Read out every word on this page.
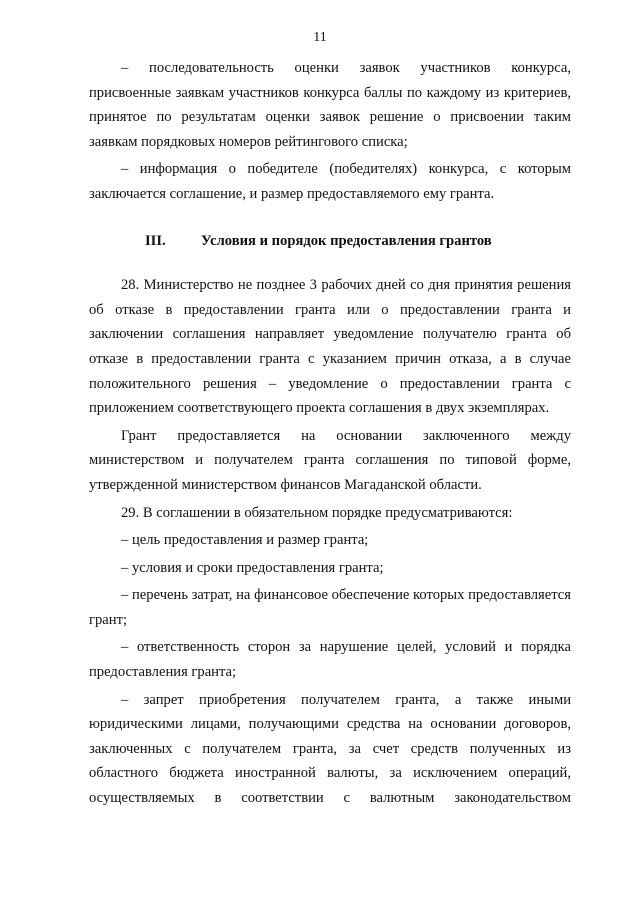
11

– последовательность оценки заявок участников конкурса, присвоенные заявкам участников конкурса баллы по каждому из критериев, принятое по результатам оценки заявок решение о присвоении таким заявкам порядковых номеров рейтингового списка;

– информация о победителе (победителях) конкурса, с которым заключается соглашение, и размер предоставляемого ему гранта.

III.	Условия и порядок предоставления грантов

28. Министерство не позднее 3 рабочих дней со дня принятия решения об отказе в предоставлении гранта или о предоставлении гранта и заключении соглашения направляет уведомление получателю гранта об отказе в предоставлении гранта с указанием причин отказа, а в случае положительного решения – уведомление о предоставлении гранта с приложением соответствующего проекта соглашения в двух экземплярах.

Грант предоставляется на основании заключенного между министерством и получателем гранта соглашения по типовой форме, утвержденной министерством финансов Магаданской области.

29. В соглашении в обязательном порядке предусматриваются:

– цель предоставления и размер гранта;

– условия и сроки предоставления гранта;

– перечень затрат, на финансовое обеспечение которых предоставляется грант;

– ответственность сторон за нарушение целей, условий и порядка предоставления гранта;

– запрет приобретения получателем гранта, а также иными юридическими лицами, получающими средства на основании договоров, заключенных с получателем гранта, за счет средств полученных из областного бюджета иностранной валюты, за исключением операций, осуществляемых в соответствии с валютным законодательством
